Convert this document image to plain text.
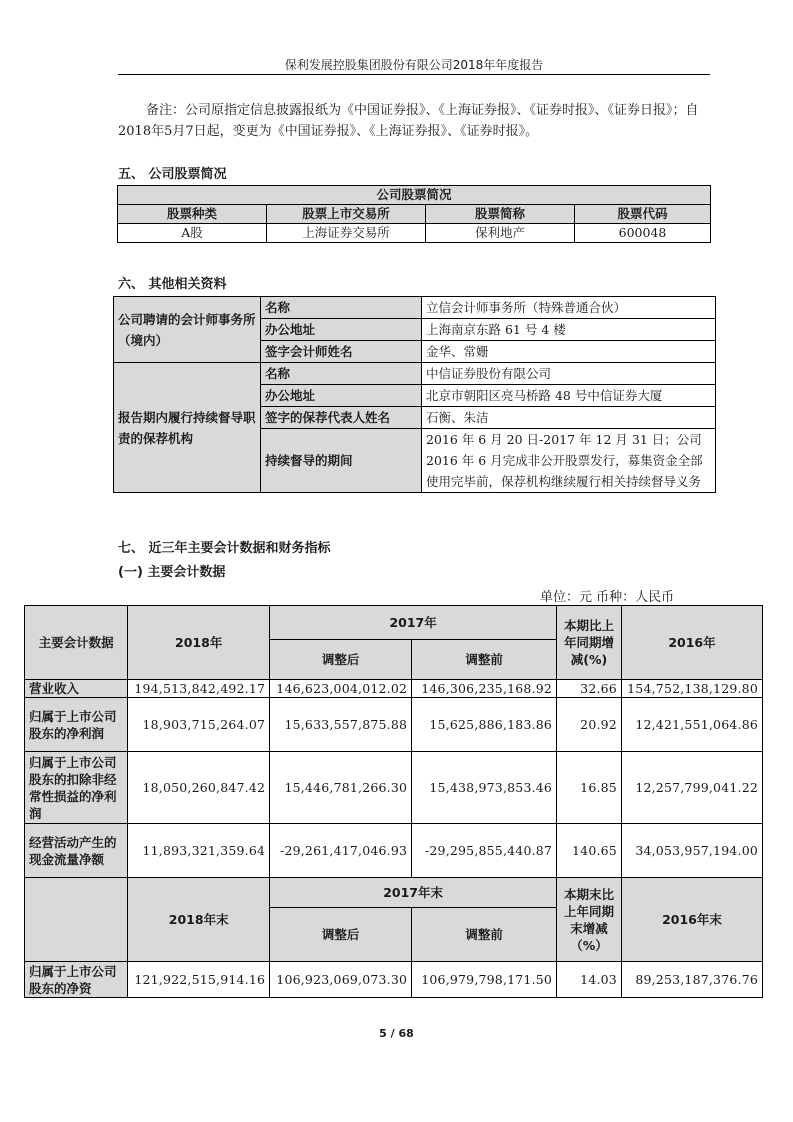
保利发展控股集团股份有限公司2018年年度报告
备注：公司原指定信息披露报纸为《中国证券报》、《上海证券报》、《证券时报》、《证券日报》；自2018年5月7日起，变更为《中国证券报》、《上海证券报》、《证券时报》。
五、 公司股票简况
公司股票简况			
股票种类	股票上市交易所	股票简称	股票代码
A股	上海证券交易所	保利地产	600048
六、 其他相关资料
公司聘请的会计师事务所（境内）	名称	立信会计师事务所（特殊普通合伙）
	办公地址	上海南京东路 61 号 4 楼
	签字会计师姓名	金华、常姗
报告期内履行持续督导职责的保荐机构	名称	中信证券股份有限公司
	办公地址	北京市朝阳区亮马桥路 48 号中信证券大厦
	签字的保荐代表人姓名	石衡、朱洁
	持续督导的期间	2016 年 6 月 20 日-2017 年 12 月 31 日；公司 2016 年 6 月完成非公开股票发行，募集资金全部使用完毕前，保荐机构继续履行相关持续督导义务
七、 近三年主要会计数据和财务指标
(一) 主要会计数据
单位：元 币种：人民币
主要会计数据	2018年	2017年		本期比上年同期增减(%)	2016年
		调整后	调整前		
营业收入	194,513,842,492.17	146,623,004,012.02	146,306,235,168.92	32.66	154,752,138,129.80
归属于上市公司股东的净利润	18,903,715,264.07	15,633,557,875.88	15,625,886,183.86	20.92	12,421,551,064.86
归属于上市公司股东的扣除非经常性损益的净利润	18,050,260,847.42	15,446,781,266.30	15,438,973,853.46	16.85	12,257,799,041.22
经营活动产生的现金流量净额	11,893,321,359.64	-29,261,417,046.93	-29,295,855,440.87	140.65	34,053,957,194.00
	2018年末	2017年末		本期末比上年同期末增减（%）	2016年末
		调整后	调整前		
归属于上市公司股东的净资	121,922,515,914.16	106,923,069,073.30	106,979,798,171.50	14.03	89,253,187,376.76
5 / 68
